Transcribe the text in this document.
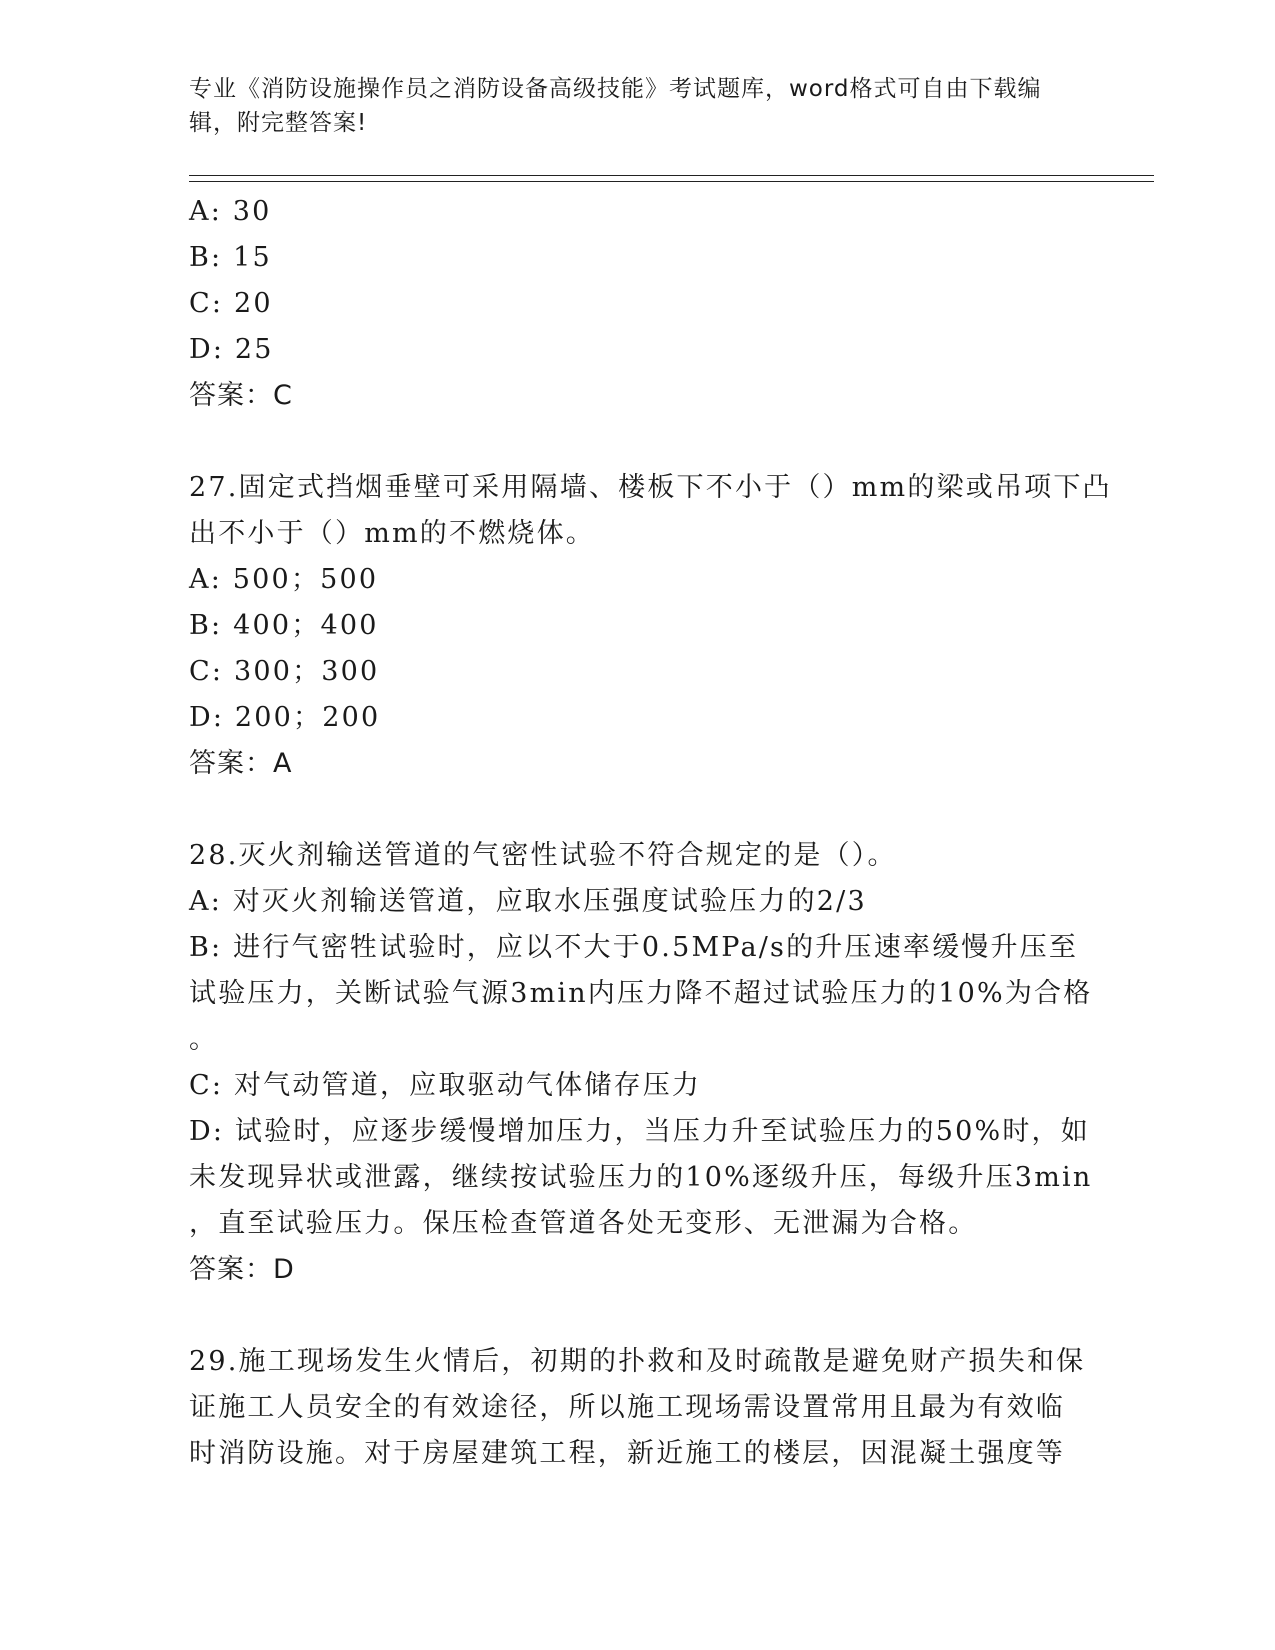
专业《消防设施操作员之消防设备高级技能》考试题库，word格式可自由下载编
辑，附完整答案!
A: 30
B: 15
C: 20
D: 25
答案：C
27.固定式挡烟垂壁可采用隔墙、楼板下不小于（）mm的梁或吊项下凸
出不小于（）mm的不燃烧体。
A: 500；500
B: 400；400
C: 300；300
D: 200；200
答案：A
28.灭火剂输送管道的气密性试验不符合规定的是（）。
A: 对灭火剂输送管道，应取水压强度试验压力的2/3
B: 进行气密牲试验时，应以不大于0.5MPa/s的升压速率缓慢升压至
试验压力，关断试验气源3min内压力降不超过试验压力的10%为合格
。
C: 对气动管道，应取驱动气体储存压力
D: 试验时，应逐步缓慢增加压力，当压力升至试验压力的50%时，如
未发现异状或泄露，继续按试验压力的10%逐级升压，每级升压3min
，直至试验压力。保压检查管道各处无变形、无泄漏为合格。
答案：D
29.施工现场发生火情后，初期的扑救和及时疏散是避免财产损失和保
证施工人员安全的有效途径，所以施工现场需设置常用且最为有效临
时消防设施。对于房屋建筑工程，新近施工的楼层，因混凝土强度等
